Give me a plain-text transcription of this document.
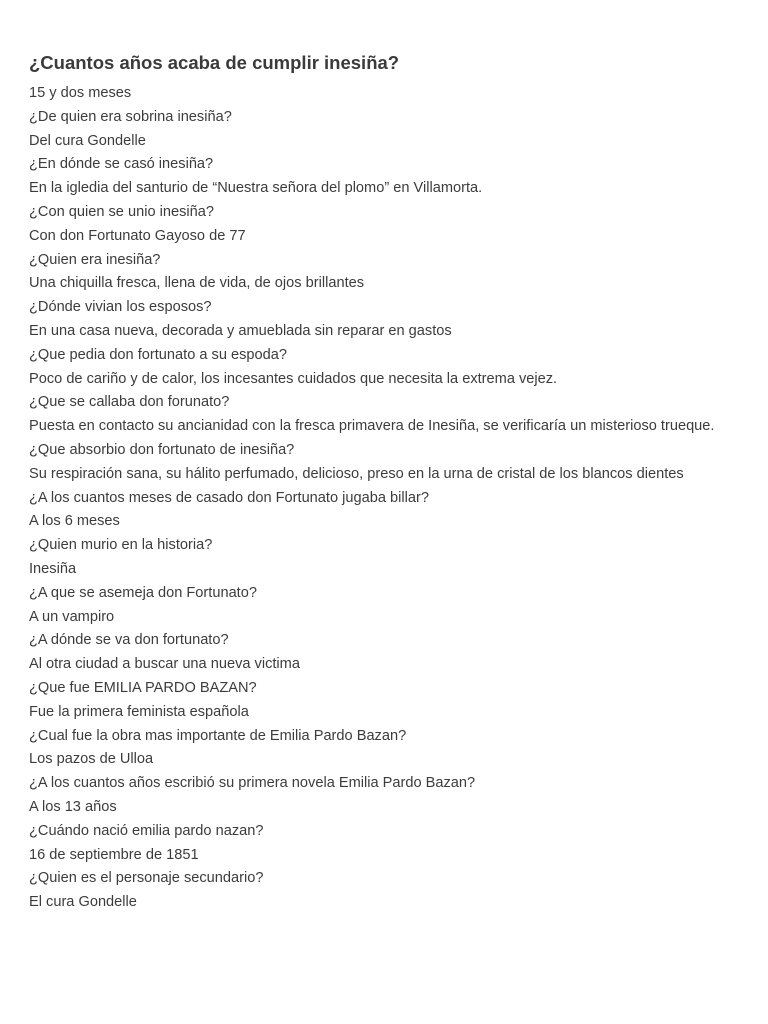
¿Cuantos años acaba de cumplir inesiña?
15 y dos meses
¿De quien era sobrina inesiña?
Del cura Gondelle
¿En dónde se casó inesiña?
En la igledia del santurio de “Nuestra señora del plomo” en Villamorta.
¿Con quien se unio inesiña?
Con don Fortunato Gayoso de 77
¿Quien era inesiña?
Una chiquilla fresca, llena de vida, de ojos brillantes
¿Dónde vivian los esposos?
En una casa nueva, decorada y amueblada sin reparar en gastos
¿Que pedia don fortunato a su espoda?
Poco de cariño y de calor, los incesantes cuidados que necesita la extrema vejez.
¿Que se callaba don forunato?
Puesta en contacto su ancianidad con la fresca primavera de Inesiña, se verificaría un misterioso trueque.
¿Que absorbio don fortunato de inesiña?
Su respiración sana, su hálito perfumado, delicioso, preso en la urna de cristal de los blancos dientes
¿A los cuantos meses de casado don Fortunato jugaba billar?
A los 6 meses
¿Quien murio en la historia?
Inesiña
¿A que se asemeja don Fortunato?
A un vampiro
¿A dónde se va don fortunato?
Al otra ciudad a buscar una nueva victima
¿Que fue EMILIA PARDO BAZAN?
Fue la primera feminista española
¿Cual fue la obra mas importante de Emilia Pardo Bazan?
Los pazos de Ulloa
¿A los cuantos años escribió su primera novela Emilia Pardo Bazan?
A los 13 años
¿Cuándo nació emilia pardo nazan?
16 de septiembre de 1851
¿Quien es el personaje secundario?
El cura Gondelle
